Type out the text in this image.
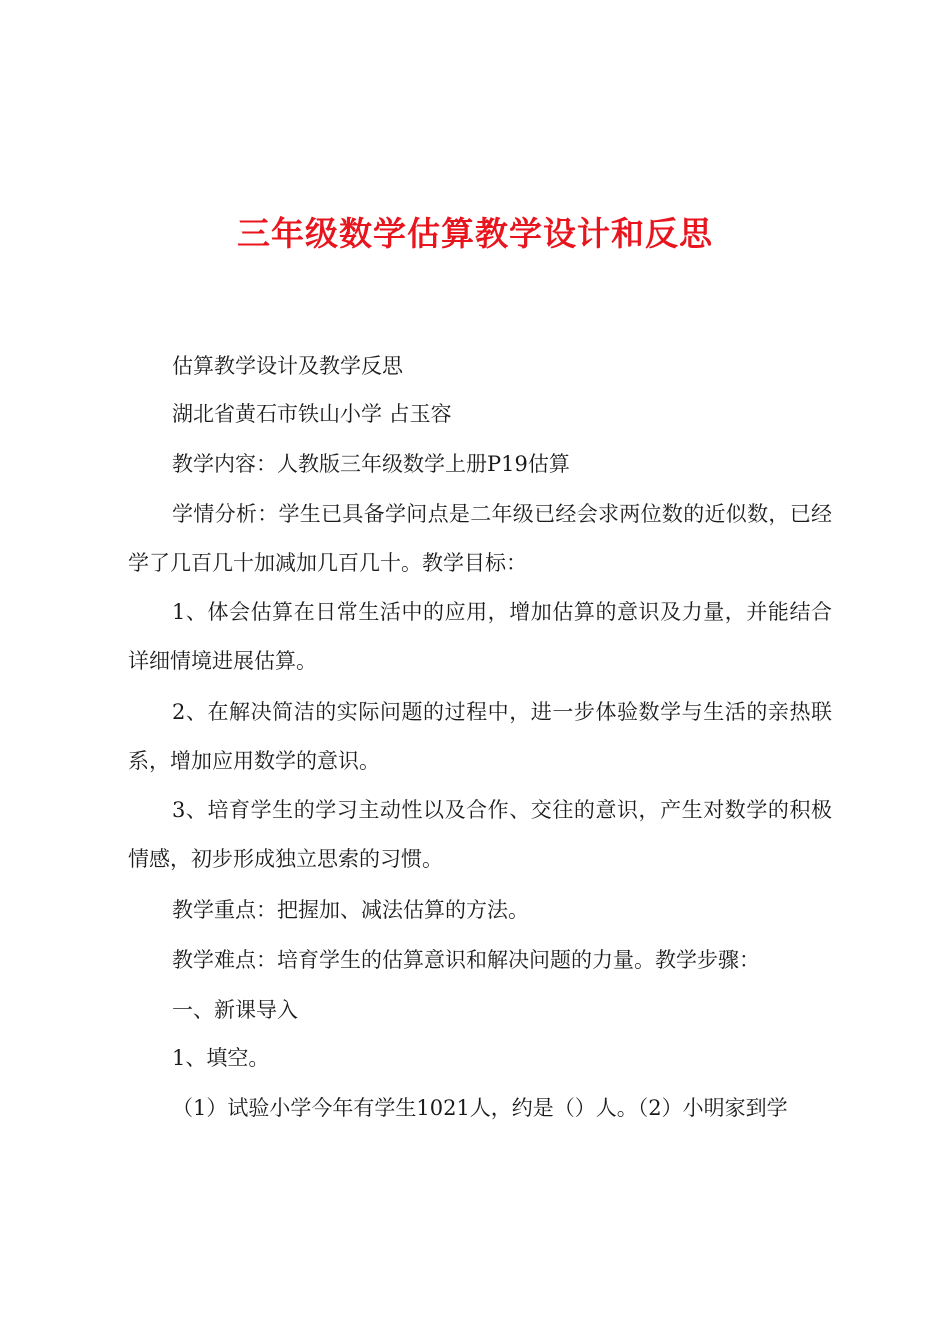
三年级数学估算教学设计和反思

估算教学设计及教学反思

湖北省黄石市铁山小学 占玉容

教学内容：人教版三年级数学上册P19估算

学情分析：学生已具备学问点是二年级已经会求两位数的近似数，已经学了几百几十加减加几百几十。教学目标：

1、体会估算在日常生活中的应用，增加估算的意识及力量，并能结合详细情境进展估算。

2、在解决简洁的实际问题的过程中，进一步体验数学与生活的亲热联系，增加应用数学的意识。

3、培育学生的学习主动性以及合作、交往的意识，产生对数学的积极情感，初步形成独立思索的习惯。

教学重点：把握加、减法估算的方法。

教学难点：培育学生的估算意识和解决问题的力量。教学步骤：

一、新课导入

1、填空。

（1）试验小学今年有学生1021人，约是（）人。（2）小明家到学
